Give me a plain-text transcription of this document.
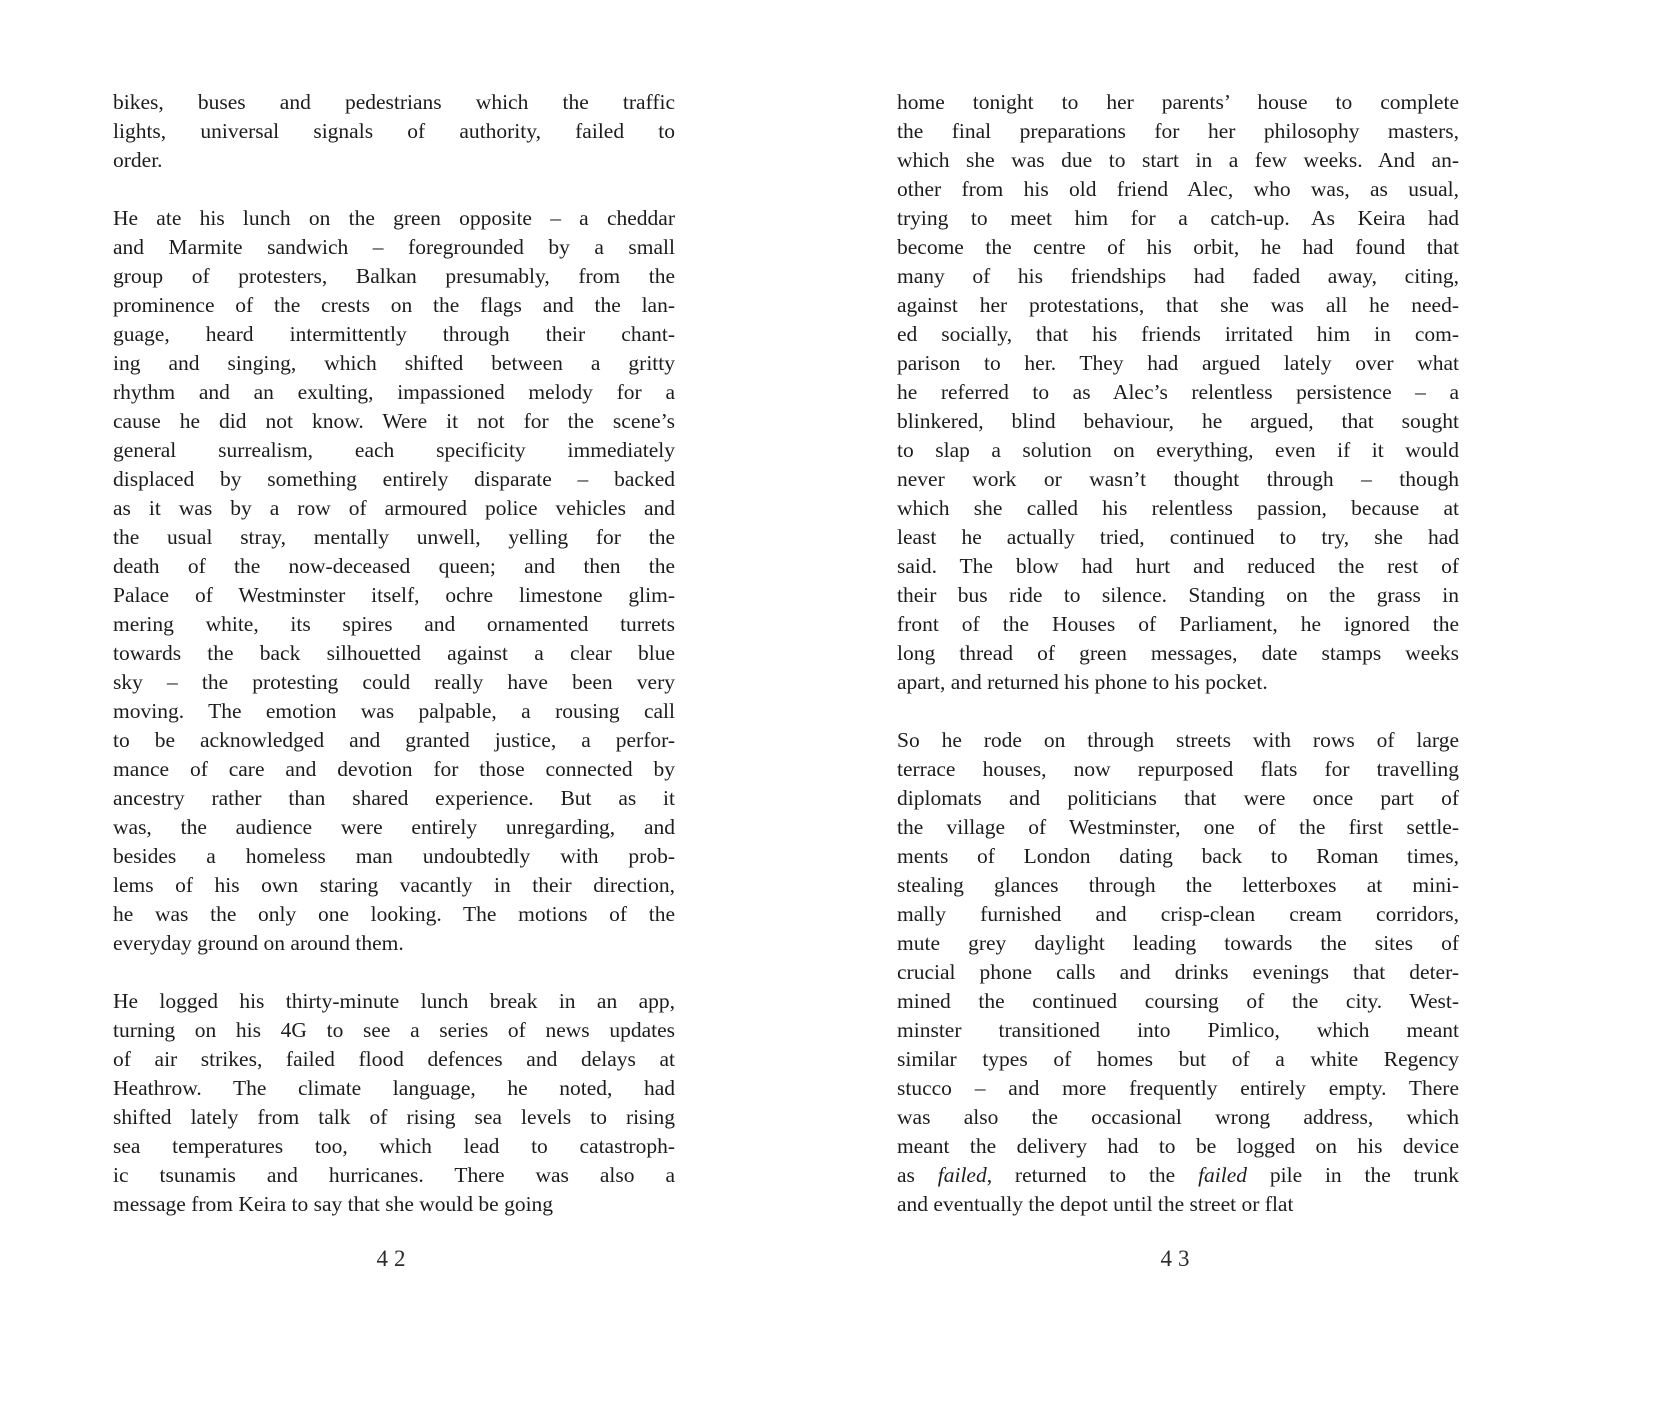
bikes, buses and pedestrians which the traffic
lights, universal signals of authority, failed to
order.
He ate his lunch on the green opposite – a cheddar
and Marmite sandwich – foregrounded by a small
group of protesters, Balkan presumably, from the
prominence of the crests on the flags and the lan-
guage, heard intermittently through their chant-
ing and singing, which shifted between a gritty
rhythm and an exulting, impassioned melody for a
cause he did not know. Were it not for the scene’s
general surrealism, each specificity immediately
displaced by something entirely disparate – backed
as it was by a row of armoured police vehicles and
the usual stray, mentally unwell, yelling for the
death of the now-deceased queen; and then the
Palace of Westminster itself, ochre limestone glim-
mering white, its spires and ornamented turrets
towards the back silhouetted against a clear blue
sky – the protesting could really have been very
moving. The emotion was palpable, a rousing call
to be acknowledged and granted justice, a perfor-
mance of care and devotion for those connected by
ancestry rather than shared experience. But as it
was, the audience were entirely unregarding, and
besides a homeless man undoubtedly with prob-
lems of his own staring vacantly in their direction,
he was the only one looking. The motions of the
everyday ground on around them.
He logged his thirty-minute lunch break in an app,
turning on his 4G to see a series of news updates
of air strikes, failed flood defences and delays at
Heathrow. The climate language, he noted, had
shifted lately from talk of rising sea levels to rising
sea temperatures too, which lead to catastroph-
ic tsunamis and hurricanes. There was also a
message from Keira to say that she would be going
home tonight to her parents’ house to complete
the final preparations for her philosophy masters,
which she was due to start in a few weeks. And an-
other from his old friend Alec, who was, as usual,
trying to meet him for a catch-up. As Keira had
become the centre of his orbit, he had found that
many of his friendships had faded away, citing,
against her protestations, that she was all he need-
ed socially, that his friends irritated him in com-
parison to her. They had argued lately over what
he referred to as Alec’s relentless persistence – a
blinkered, blind behaviour, he argued, that sought
to slap a solution on everything, even if it would
never work or wasn’t thought through – though
which she called his relentless passion, because at
least he actually tried, continued to try, she had
said. The blow had hurt and reduced the rest of
their bus ride to silence. Standing on the grass in
front of the Houses of Parliament, he ignored the
long thread of green messages, date stamps weeks
apart, and returned his phone to his pocket.
So he rode on through streets with rows of large
terrace houses, now repurposed flats for travelling
diplomats and politicians that were once part of
the village of Westminster, one of the first settle-
ments of London dating back to Roman times,
stealing glances through the letterboxes at mini-
mally furnished and crisp-clean cream corridors,
mute grey daylight leading towards the sites of
crucial phone calls and drinks evenings that deter-
mined the continued coursing of the city. West-
minster transitioned into Pimlico, which meant
similar types of homes but of a white Regency
stucco – and more frequently entirely empty. There
was also the occasional wrong address, which
meant the delivery had to be logged on his device
as failed, returned to the failed pile in the trunk
and eventually the depot until the street or flat
42	43
